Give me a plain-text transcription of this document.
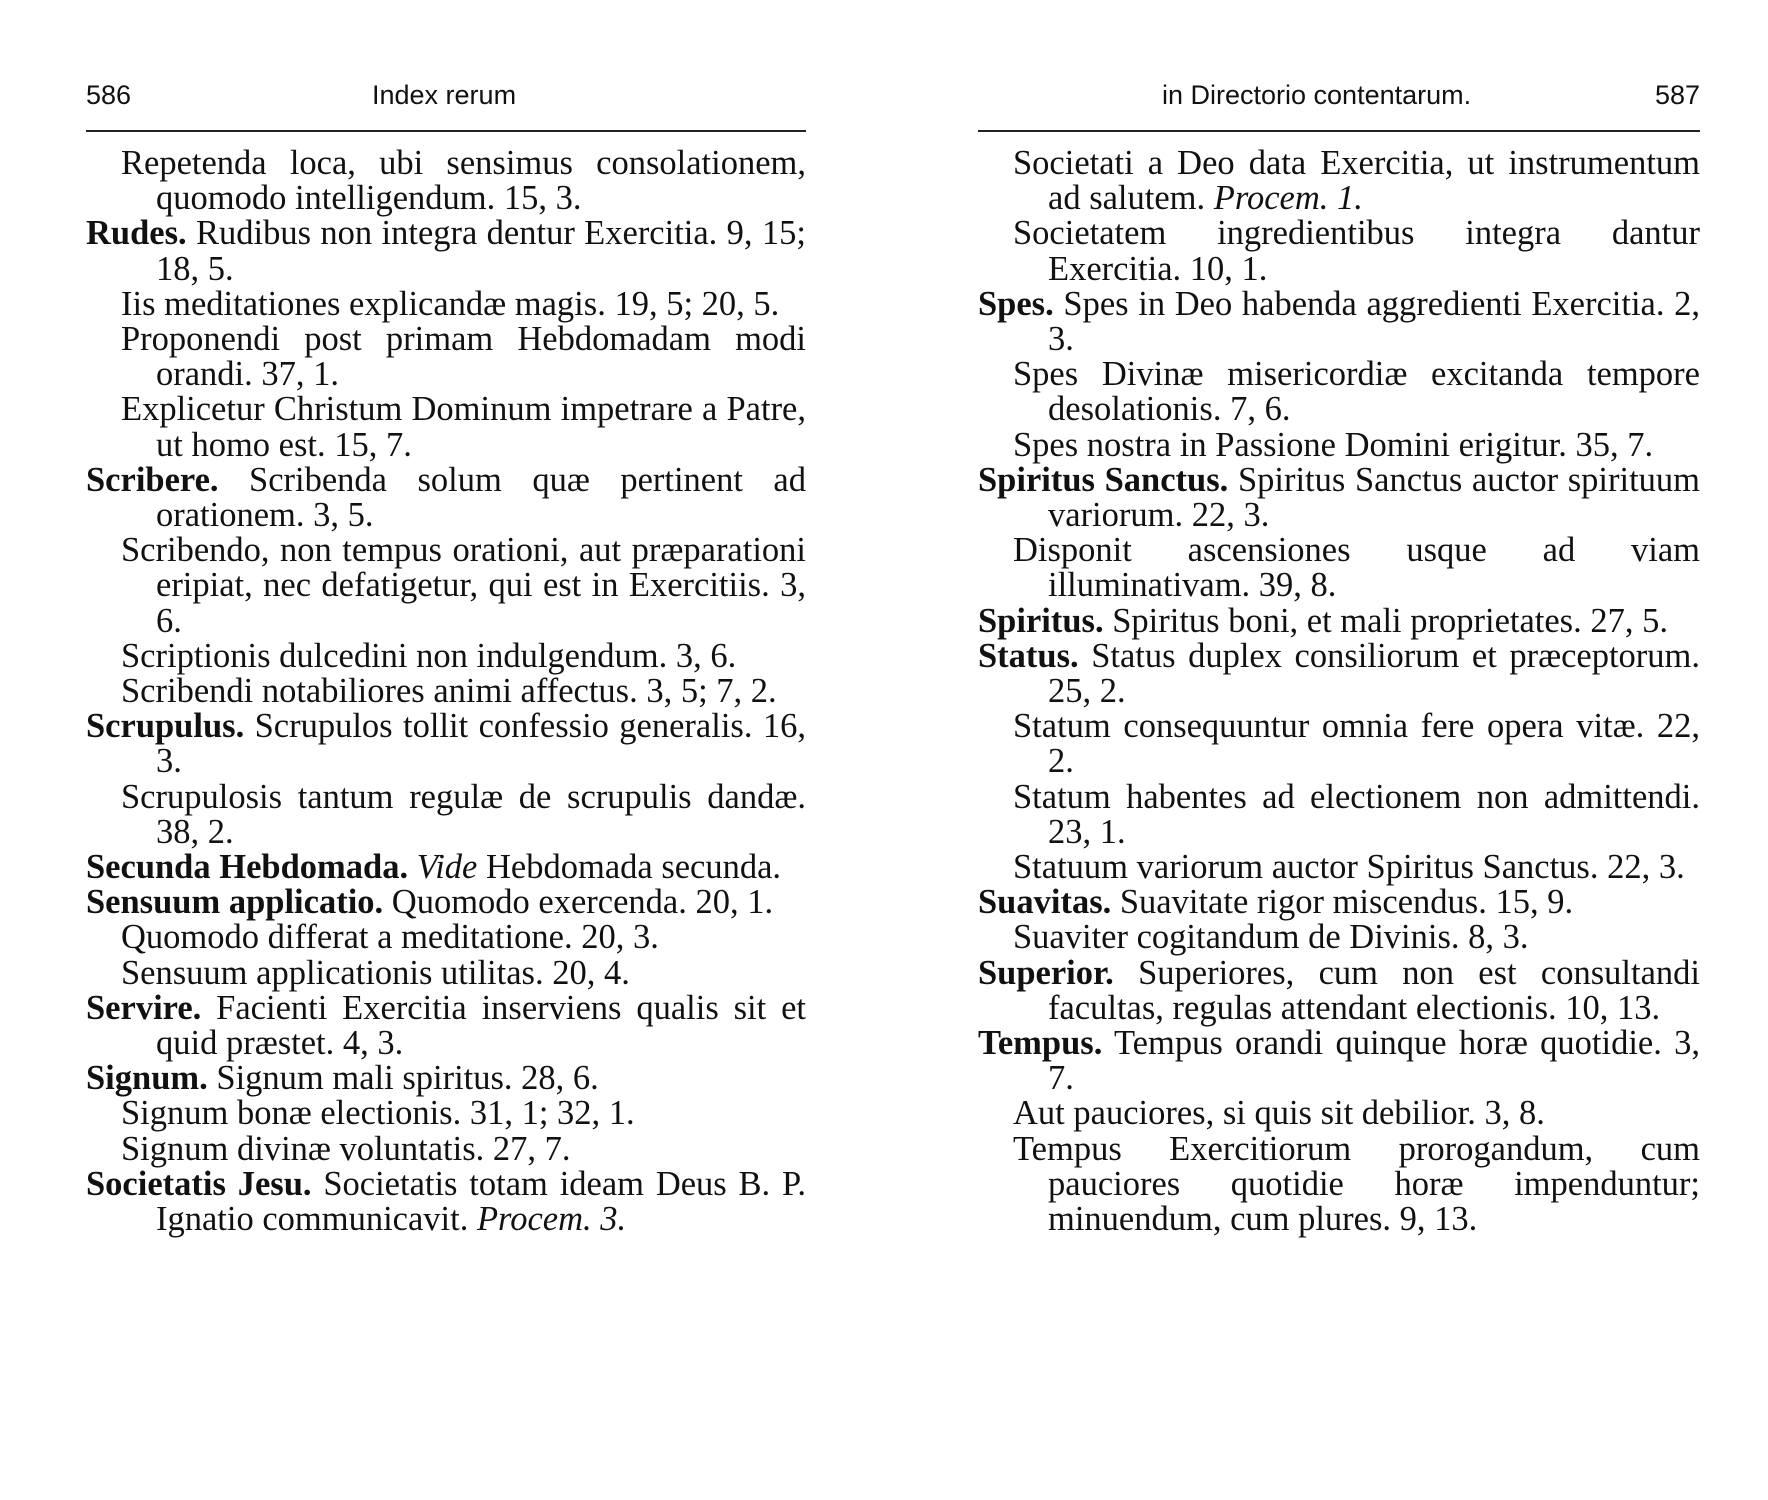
586	Index rerum

Repetenda loca, ubi sensimus consolationem, quomodo intelligendum. 15, 3.

Rudes. Rudibus non integra dentur Exercitia. 9, 15; 18, 5.

Iis meditationes explicandæ magis. 19, 5; 20, 5.

Proponendi post primam Hebdomadam modi orandi. 37, 1.

Explicetur Christum Dominum impetrare a Patre, ut homo est. 15, 7.

Scribere. Scribenda solum quæ pertinent ad orationem. 3, 5.

Scribendo, non tempus orationi, aut præparationi eripiat, nec defatigetur, qui est in Exercitiis. 3, 6.

Scriptionis dulcedini non indulgendum. 3, 6.

Scribendi notabiliores animi affectus. 3, 5; 7, 2.

Scrupulus. Scrupulos tollit confessio generalis. 16, 3.

Scrupulosis tantum regulæ de scrupulis dandæ. 38, 2.

Secunda Hebdomada. Vide Hebdomada secunda.

Sensuum applicatio. Quomodo exercenda. 20, 1.

Quomodo differat a meditatione. 20, 3.

Sensuum applicationis utilitas. 20, 4.

Servire. Facienti Exercitia inserviens qualis sit et quid præstet. 4, 3.

Signum. Signum mali spiritus. 28, 6.

Signum bonæ electionis. 31, 1; 32, 1.

Signum divinæ voluntatis. 27, 7.

Societatis Jesu. Societatis totam ideam Deus B. P. Ignatio communicavit. Procem. 3.

in Directorio contentarum.	587

Societati a Deo data Exercitia, ut instrumentum ad salutem. Procem. 1.

Societatem ingredientibus integra dantur Exercitia. 10, 1.

Spes. Spes in Deo habenda aggredienti Exercitia. 2, 3.

Spes Divinæ misericordiæ excitanda tempore desolationis. 7, 6.

Spes nostra in Passione Domini erigitur. 35, 7.

Spiritus Sanctus. Spiritus Sanctus auctor spirituum variorum. 22, 3.

Disponit ascensiones usque ad viam illuminativam. 39, 8.

Spiritus. Spiritus boni, et mali proprietates. 27, 5.

Status. Status duplex consiliorum et præceptorum. 25, 2.

Statum consequuntur omnia fere opera vitæ. 22, 2.

Statum habentes ad electionem non admittendi. 23, 1.

Statuum variorum auctor Spiritus Sanctus. 22, 3.

Suavitas. Suavitate rigor miscendus. 15, 9.

Suaviter cogitandum de Divinis. 8, 3.

Superior. Superiores, cum non est consultandi facultas, regulas attendant electionis. 10, 13.

Tempus. Tempus orandi quinque horæ quotidie. 3, 7.

Aut pauciores, si quis sit debilior. 3, 8.

Tempus Exercitiorum prorogandum, cum pauciores quotidie horæ impenduntur; minuendum, cum plures. 9, 13.
